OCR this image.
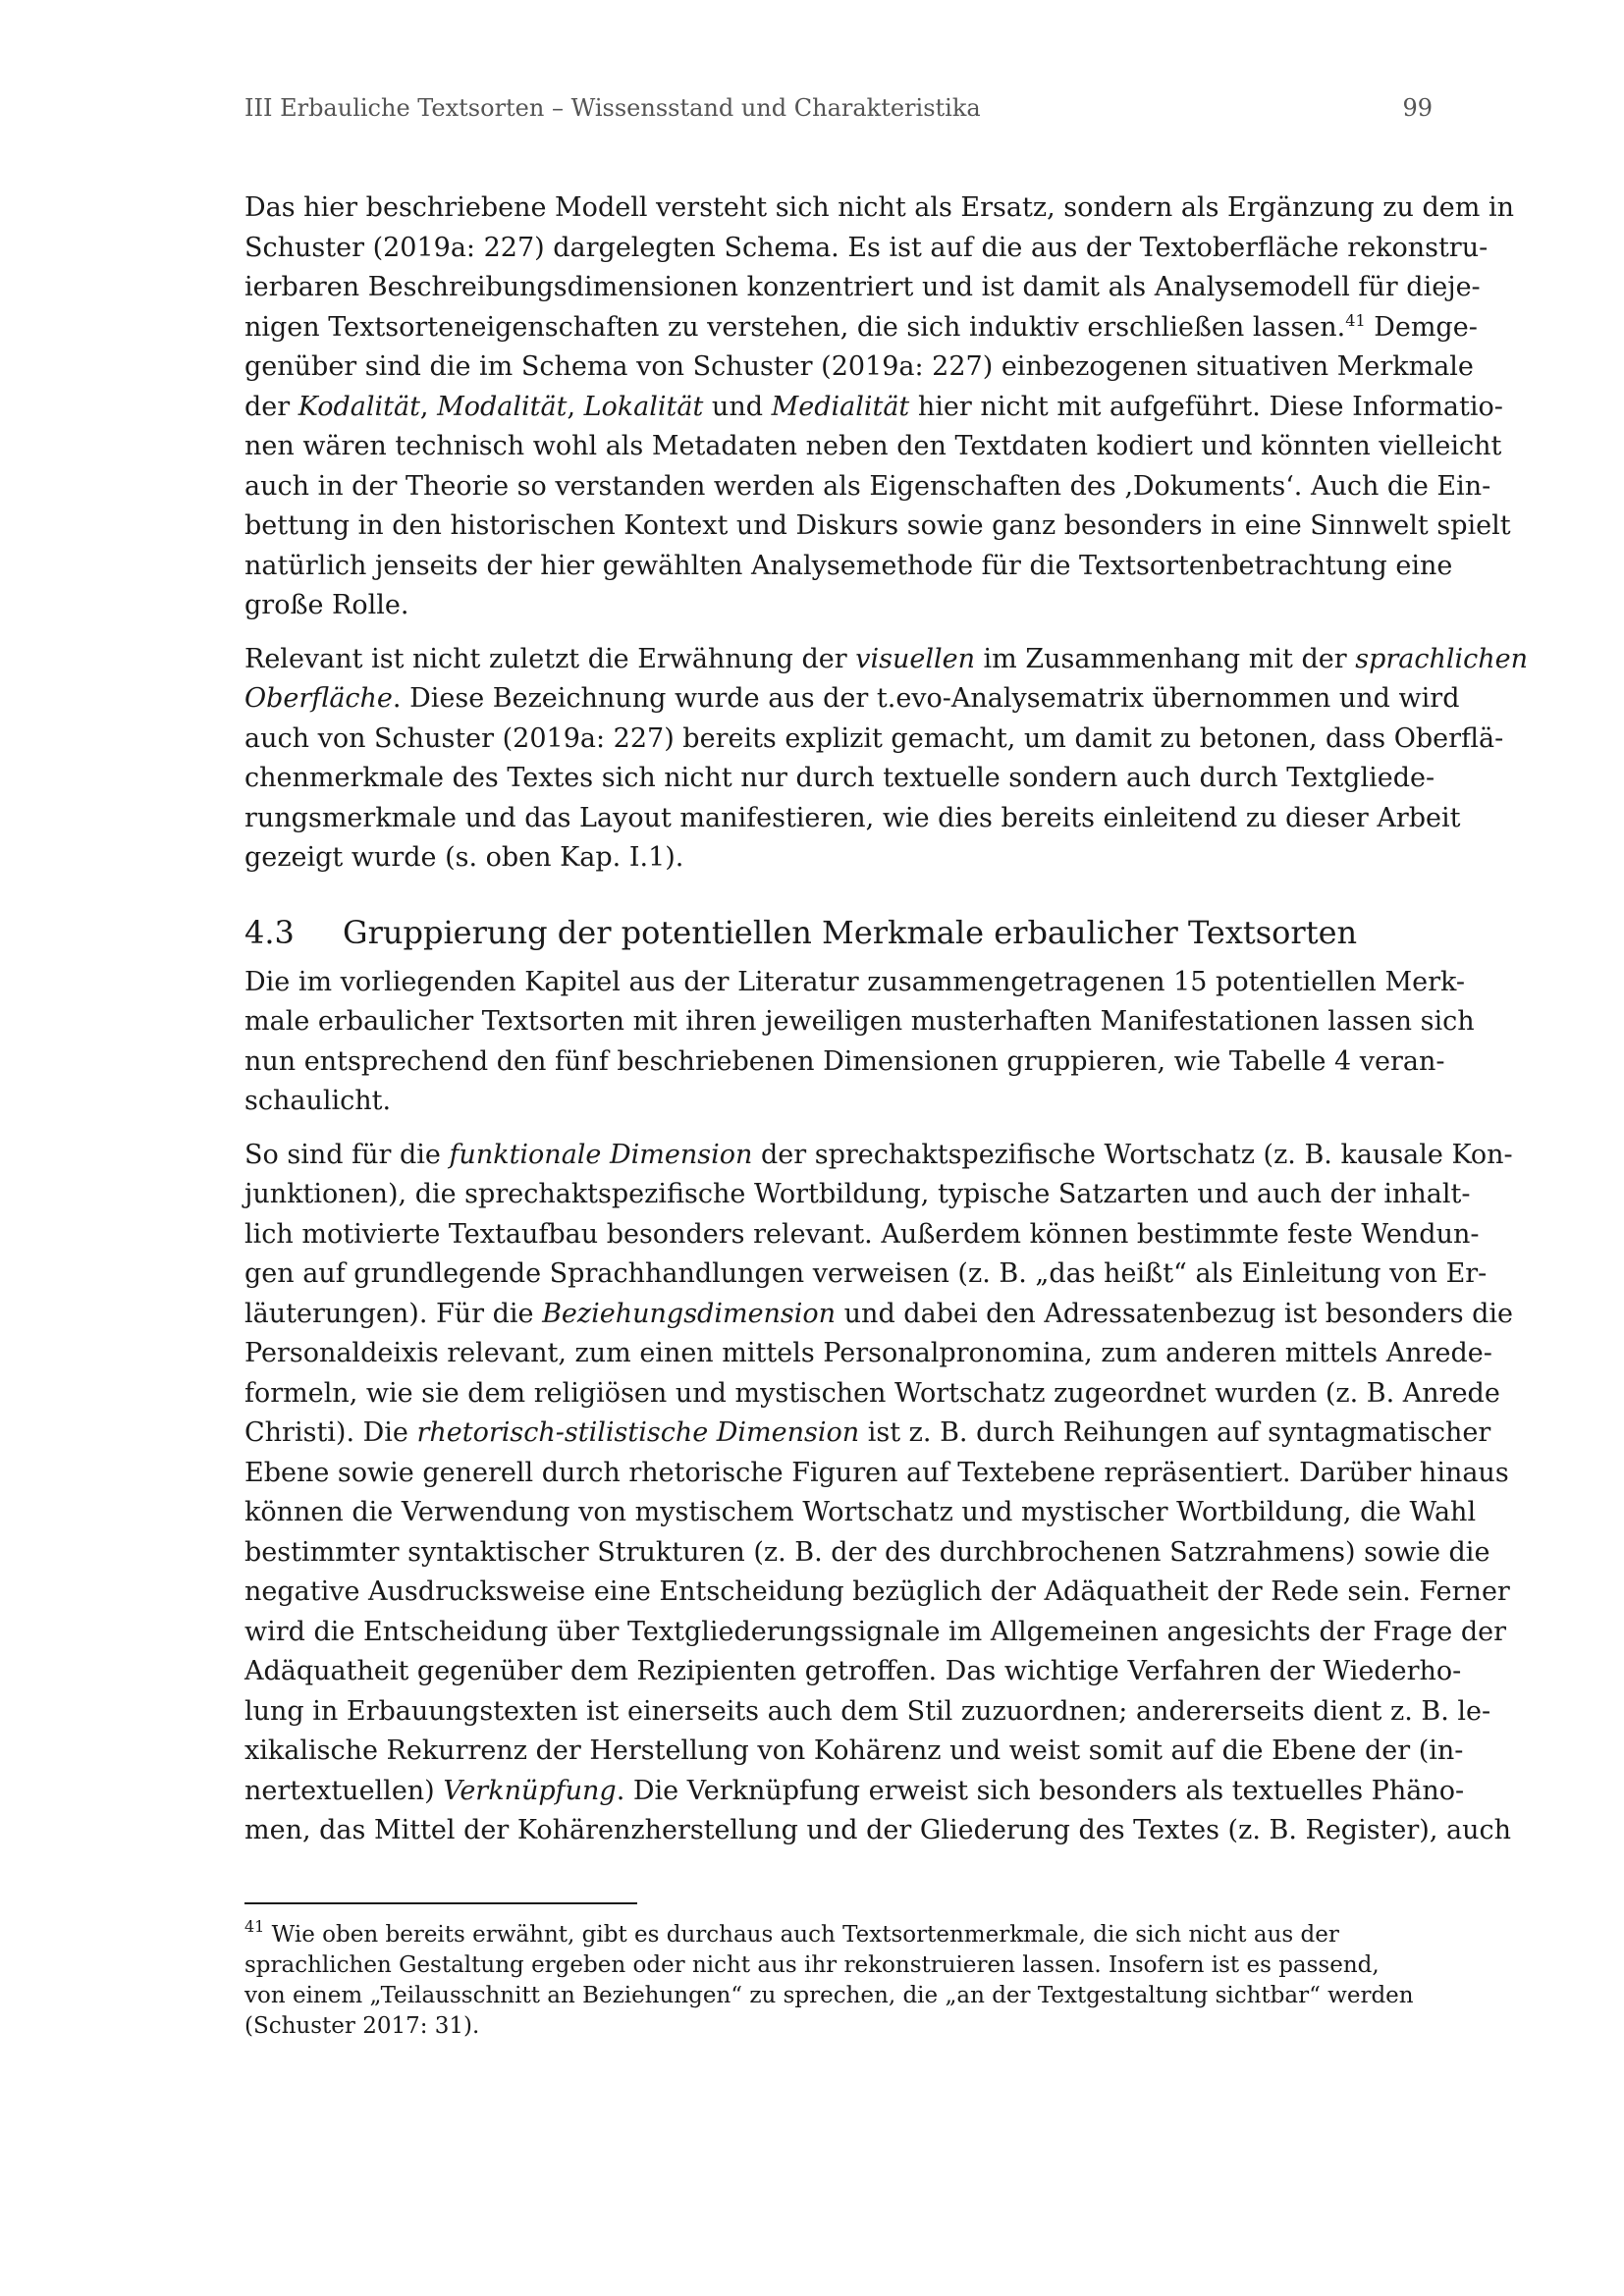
III Erbauliche Textsorten – Wissensstand und Charakteristika	99
Das hier beschriebene Modell versteht sich nicht als Ersatz, sondern als Ergänzung zu dem in
Schuster (2019a: 227) dargelegten Schema. Es ist auf die aus der Textoberfläche rekonstru-
ierbaren Beschreibungsdimensionen konzentriert und ist damit als Analysemodell für dieje-
nigen Textsorteneigenschaften zu verstehen, die sich induktiv erschließen lassen.$^{41}$ Demge-
genüber sind die im Schema von Schuster (2019a: 227) einbezogenen situativen Merkmale
der Kodalität, Modalität, Lokalität und Medialität hier nicht mit aufgeführt. Diese Informatio-
nen wären technisch wohl als Metadaten neben den Textdaten kodiert und könnten vielleicht
auch in der Theorie so verstanden werden als Eigenschaften des ‚Dokuments‘. Auch die Ein-
bettung in den historischen Kontext und Diskurs sowie ganz besonders in eine Sinnwelt spielt
natürlich jenseits der hier gewählten Analysemethode für die Textsortenbetrachtung eine
große Rolle.
Relevant ist nicht zuletzt die Erwähnung der visuellen im Zusammenhang mit der sprachlichen
Oberfläche. Diese Bezeichnung wurde aus der t.evo-Analysematrix übernommen und wird
auch von Schuster (2019a: 227) bereits explizit gemacht, um damit zu betonen, dass Oberflä-
chenmerkmale des Textes sich nicht nur durch textuelle sondern auch durch Textgliede-
rungsmerkmale und das Layout manifestieren, wie dies bereits einleitend zu dieser Arbeit
gezeigt wurde (s. oben Kap. I.1).
4.3 Gruppierung der potentiellen Merkmale erbaulicher Textsorten
Die im vorliegenden Kapitel aus der Literatur zusammengetragenen 15 potentiellen Merk-
male erbaulicher Textsorten mit ihren jeweiligen musterhaften Manifestationen lassen sich
nun entsprechend den fünf beschriebenen Dimensionen gruppieren, wie Tabelle 4 veran-
schaulicht.
So sind für die funktionale Dimension der sprechaktspezifische Wortschatz (z. B. kausale Kon-
junktionen), die sprechaktspezifische Wortbildung, typische Satzarten und auch der inhalt-
lich motivierte Textaufbau besonders relevant. Außerdem können bestimmte feste Wendun-
gen auf grundlegende Sprachhandlungen verweisen (z. B. „das heißt“ als Einleitung von Er-
läuterungen). Für die Beziehungsdimension und dabei den Adressatenbezug ist besonders die
Personaldeixis relevant, zum einen mittels Personalpronomina, zum anderen mittels Anrede-
formeln, wie sie dem religiösen und mystischen Wortschatz zugeordnet wurden (z. B. Anrede
Christi). Die rhetorisch-stilistische Dimension ist z. B. durch Reihungen auf syntagmatischer
Ebene sowie generell durch rhetorische Figuren auf Textebene repräsentiert. Darüber hinaus
können die Verwendung von mystischem Wortschatz und mystischer Wortbildung, die Wahl
bestimmter syntaktischer Strukturen (z. B. der des durchbrochenen Satzrahmens) sowie die
negative Ausdrucksweise eine Entscheidung bezüglich der Adäquatheit der Rede sein. Ferner
wird die Entscheidung über Textgliederungssignale im Allgemeinen angesichts der Frage der
Adäquatheit gegenüber dem Rezipienten getroffen. Das wichtige Verfahren der Wiederho-
lung in Erbauungstexten ist einerseits auch dem Stil zuzuordnen; andererseits dient z. B. le-
xikalische Rekurrenz der Herstellung von Kohärenz und weist somit auf die Ebene der (in-
nertextuellen) Verknüpfung. Die Verknüpfung erweist sich besonders als textuelles Phäno-
men, das Mittel der Kohärenzherstellung und der Gliederung des Textes (z. B. Register), auch
$^{41}$ Wie oben bereits erwähnt, gibt es durchaus auch Textsortenmerkmale, die sich nicht aus der
sprachlichen Gestaltung ergeben oder nicht aus ihr rekonstruieren lassen. Insofern ist es passend,
von einem „Teilausschnitt an Beziehungen“ zu sprechen, die „an der Textgestaltung sichtbar“ werden
(Schuster 2017: 31).
